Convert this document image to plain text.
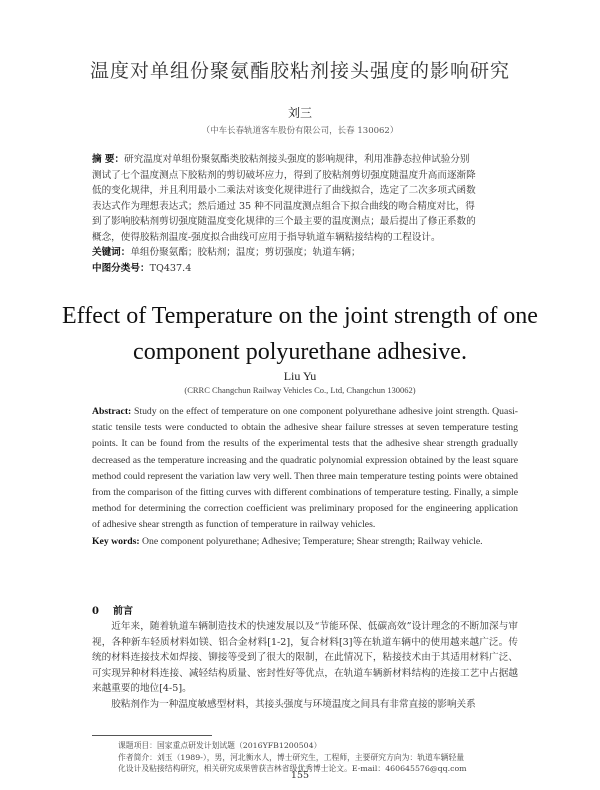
温度对单组份聚氨酯胶粘剂接头强度的影响研究
刘三
（中车长春轨道客车股份有限公司，长春 130062）
摘 要：研究温度对单组份聚氨酯类胶粘剂接头强度的影响规律，利用准静态拉伸试验分别
测试了七个温度测点下胶粘剂的剪切破坏应力，得到了胶粘剂剪切强度随温度升高而逐渐降
低的变化规律，并且利用最小二乘法对该变化规律进行了曲线拟合，选定了二次多项式函数
表达式作为理想表达式；然后通过 35 种不同温度测点组合下拟合曲线的吻合精度对比，得
到了影响胶粘剂剪切强度随温度变化规律的三个最主要的温度测点；最后提出了修正系数的
概念，使得胶粘剂温度-强度拟合曲线可应用于指导轨道车辆粘接结构的工程设计。
关键词：单组份聚氨酯；胶粘剂；温度；剪切强度；轨道车辆；
中图分类号：TQ437.4
Effect of Temperature on the joint strength of one
component polyurethane adhesive.
Liu Yu
(CRRC Changchun Railway Vehicles Co., Ltd, Changchun 130062)
Abstract: Study on the effect of temperature on one component polyurethane adhesive joint strength. Quasi-static tensile tests were conducted to obtain the adhesive shear failure stresses at seven temperature testing points. It can be found from the results of the experimental tests that the adhesive shear strength gradually decreased as the temperature increasing and the quadratic polynomial expression obtained by the least square method could represent the variation law very well. Then three main temperature testing points were obtained from the comparison of the fitting curves with different combinations of temperature testing. Finally, a simple method for determining the correction coefficient was preliminary proposed for the engineering application of adhesive shear strength as function of temperature in railway vehicles.
Key words: One component polyurethane; Adhesive; Temperature; Shear strength; Railway vehicle.
0 前言
近年来，随着轨道车辆制造技术的快速发展以及“节能环保、低碳高效”设计理念的不断加深与审视，各种新车轻质材料如镁、铝合金材料[1-2]，复合材料[3]等在轨道车辆中的使用越来越广泛。传统的材料连接技术如焊接、铆接等受到了很大的限制，在此情况下，粘接技术由于其适用材料广泛、可实现异种材料连接、减轻结构质量、密封性好等优点，在轨道车辆新材料结构的连接工艺中占据越来越重要的地位[4-5]。
胶粘剂作为一种温度敏感型材料，其接头强度与环境温度之间具有非常直接的影响关系
课题项目：国家重点研发计划试题（2016YFB1200504）
作者简介：刘玉（1989-），男，河北衡水人，博士研究生，工程师，主要研究方向为：轨道车辆轻量
化设计及粘接结构研究，相关研究成果曾获吉林省级优秀博士论文。E-mail：460645576@qq.com
155
